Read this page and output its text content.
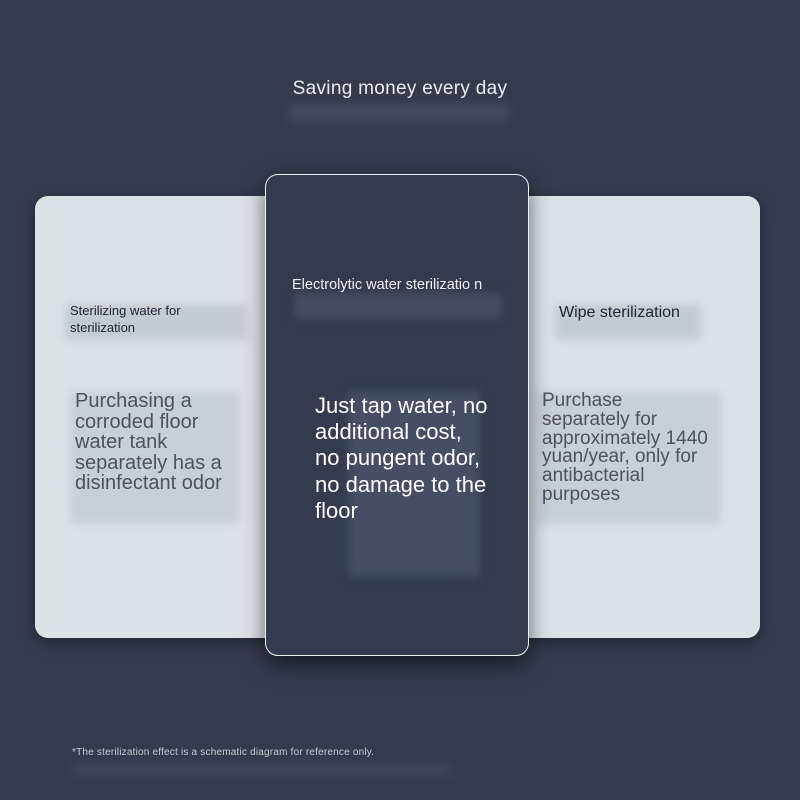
Saving money every day
Sterilizing water for sterilization
Purchasing a corroded floor water tank separately has a disinfectant odor
Wipe sterilization
Purchase separately for approximately 1440 yuan/year, only for antibacterial purposes
Electrolytic water sterilizatio n
Just tap water, no additional cost, no pungent odor, no damage to the floor
*The sterilization effect is a schematic diagram for reference only.
